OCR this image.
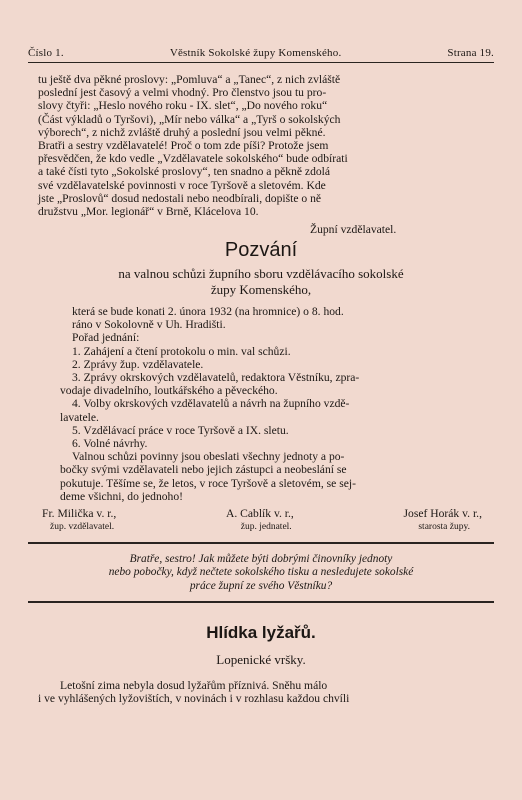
Číslo 1.	Věstník Sokolské župy Komenského.	Strana 19.
tu ještě dva pěkné proslovy: „Pomluva“ a „Tanec“, z nich zvláště
poslední jest časový a velmi vhodný. Pro členstvo jsou tu pro-
slovy čtyři: „Heslo nového roku - IX. slet“, „Do nového roku“
(Část výkladů o Tyršovi), „Mír nebo válka“ a „Tyrš o sokolských
výborech“, z nichž zvláště druhý a poslední jsou velmi pěkné.
Bratři a sestry vzdělavatelé! Proč o tom zde píši? Protože jsem
přesvědčen, že kdo vedle „Vzdělavatele sokolského“ bude odbírati
a také čísti tyto „Sokolské proslovy“, ten snadno a pěkně zdolá
své vzdělavatelské povinnosti v roce Tyršově a sletovém. Kde
jste „Proslovů“ dosud nedostali nebo neodbírali, dopište o ně
družstvu „Mor. legionář“ v Brně, Klácelova 10.
Župní vzdělavatel.
Pozvání
na valnou schůzi župního sboru vzdělávacího sokolské
župy Komenského,
která se bude konati 2. února 1932 (na hromnice) o 8. hod.
ráno v Sokolovně v Uh. Hradišti.
Pořad jednání:
1. Zahájení a čtení protokolu o min. val schůzi.
2. Zprávy žup. vzdělavatele.
3. Zprávy okrskových vzdělavatelů, redaktora Věstníku, zpra-
vodaje divadelního, loutkářského a pěveckého.
4. Volby okrskových vzdělavatelů a návrh na župního vzdě-
lavatele.
5. Vzdělávací práce v roce Tyršově a IX. sletu.
6. Volné návrhy.
Valnou schůzi povinny jsou obeslati všechny jednoty a po-
bočky svými vzdělavateli nebo jejich zástupci a neobeslání se
pokutuje. Těšíme se, že letos, v roce Tyršově a sletovém, se sej-
deme všichni, do jednoho!
Fr. Milička v. r.,	A. Cablík v. r.,	Josef Horák v. r.,
žup. vzdělavatel.	žup. jednatel.	starosta župy.
Bratře, sestro! Jak můžete býti dobrými činovníky jednoty
nebo pobočky, když nečtete sokolského tisku a nesledujete sokolské
práce župní ze svého Věstníku?
Hlídka lyžařů.
Lopenické vršky.
Letošní zima nebyla dosud lyžařům příznivá. Sněhu málo
i ve vyhlášených lyžovištích, v novinách i v rozhlasu každou chvíli
